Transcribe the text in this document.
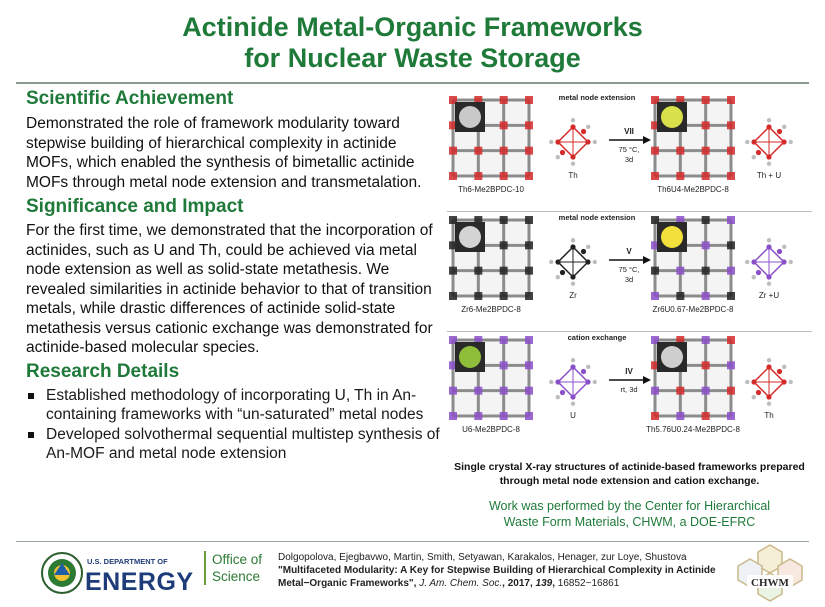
Actinide Metal-Organic Frameworks
for Nuclear Waste Storage
Scientific Achievement

Demonstrated the role of framework modularity toward stepwise building of hierarchical complexity in actinide MOFs, which enabled the synthesis of bimetallic actinide MOFs through metal node extension and transmetalation.

Significance and Impact

For the first time, we demonstrated that the incorporation of actinides, such as U and Th, could be achieved via metal node extension as well as solid-state metathesis. We revealed similarities in actinide behavior to that of transition metals, while drastic differences of actinide solid-state metathesis versus cationic exchange was demonstrated for actinide-based molecular species.

Research Details
Established methodology of incorporating U, Th in An-containing frameworks with “un-saturated” metal nodes
Developed solvothermal sequential multistep synthesis of An-MOF and metal node extension
metal node extension
VII
75 °C,
3d
Th6-Me2BPDC-10
Th
Th6U4-Me2BPDC-8
Th + U
metal node extension
V
75 °C,
3d
Zr6-Me2BPDC-8
Zr
Zr6U0.67-Me2BPDC-8
Zr +U
cation exchange
IV
rt, 3d
U6-Me2BPDC-8
U
Th5.76U0.24-Me2BPDC-8
Th
Single crystal X-ray structures of actinide-based frameworks prepared through metal node extension and cation exchange.
Work was performed by the Center for Hierarchical
Waste Form Materials, CHWM, a DOE-EFRC
U.S. DEPARTMENT OF
ENERGY
Office of
Science
Dolgopolova, Ejegbavwo, Martin, Smith, Setyawan, Karakalos, Henager, zur Loye, Shustova
"Multifaceted Modularity: A Key for Stepwise Building of Hierarchical Complexity in Actinide Metal−Organic Frameworks", J. Am. Chem. Soc., 2017, 139, 16852−16861	CHWM
